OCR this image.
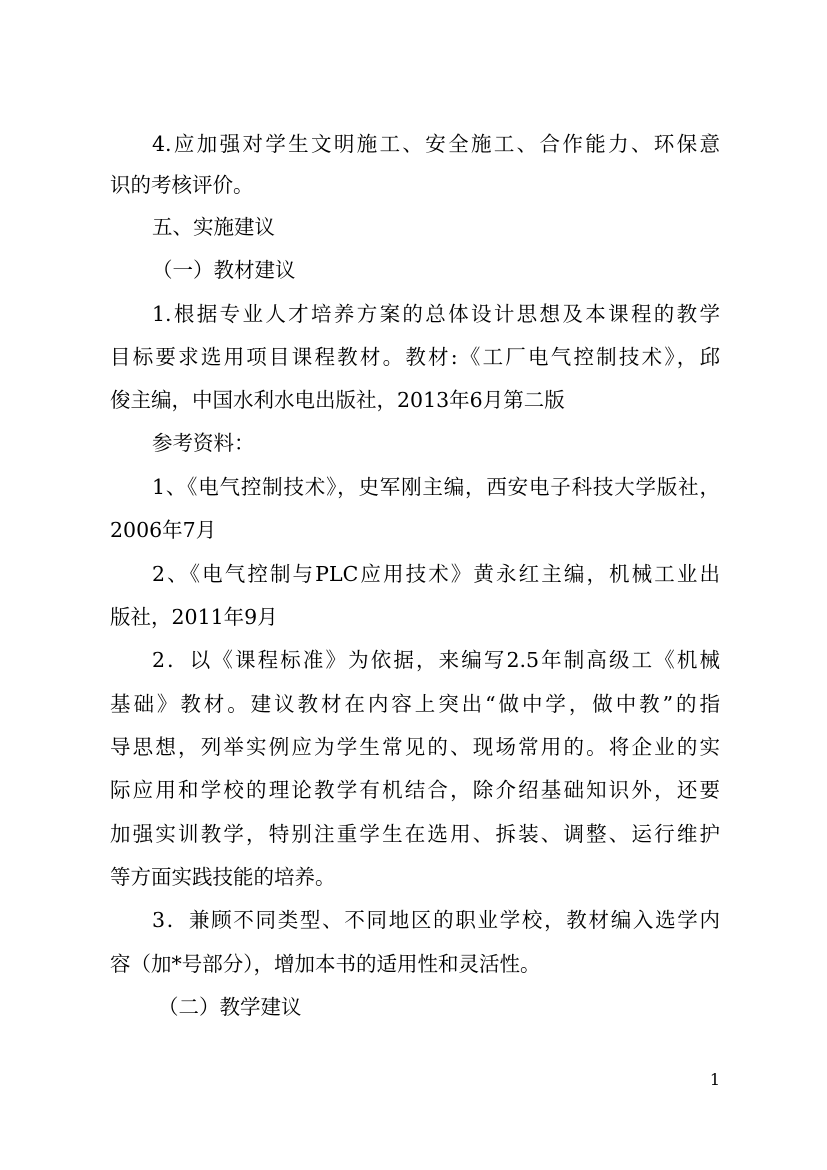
4.应加强对学生文明施工、安全施工、合作能力、环保意
识的考核评价。
五、实施建议
（一）教材建议
1.根据专业人才培养方案的总体设计思想及本课程的教学
目标要求选用项目课程教材。教材:《工厂电气控制技术》，邱
俊主编，中国水利水电出版社，2013年6月第二版
参考资料：
1、《电气控制技术》，史军刚主编，西安电子科技大学版社，
2006年7月
2、《电气控制与PLC应用技术》黄永红主编，机械工业出
版社，2011年9月
2．以《课程标准》为依据，来编写2.5年制高级工《机械
基础》教材。建议教材在内容上突出“做中学，做中教”的指
导思想，列举实例应为学生常见的、现场常用的。将企业的实
际应用和学校的理论教学有机结合，除介绍基础知识外，还要
加强实训教学，特别注重学生在选用、拆装、调整、运行维护
等方面实践技能的培养。
3．兼顾不同类型、不同地区的职业学校，教材编入选学内
容（加*号部分），增加本书的适用性和灵活性。
（二）教学建议
1
